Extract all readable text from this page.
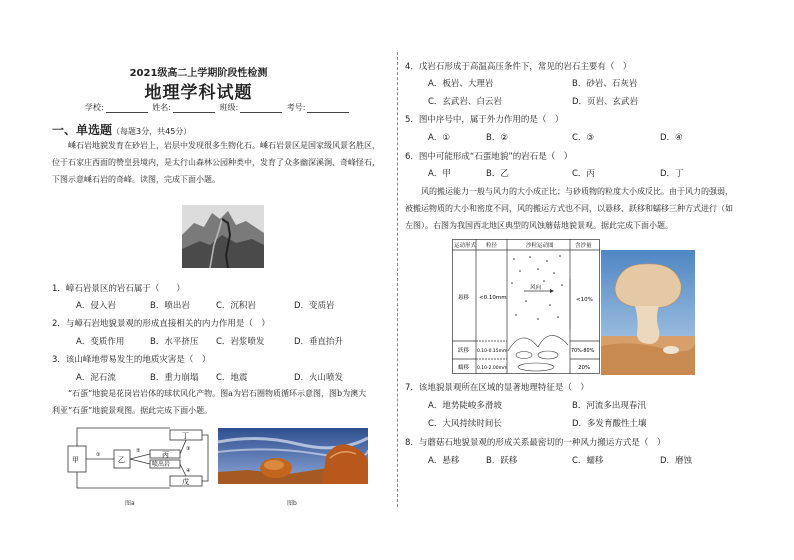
2021级高二上学期阶段性检测
地理学科试题
学校:	姓名:	班级:	考号:
一、单选题（每题3分，共45分）
嵊石岩地貌发育在砂岩上，岩层中发现很多生物化石。嵊石岩景区是国家级风景名胜区，
位于石家庄西面的赞皇县境内，是太行山森林公园种类中，发育了众多幽深溪涧、奇峰怪石，
下图示意嵊石岩的奇峰。读图，完成下面小题。
1．嶂石岩景区的岩石属于（　　）
A．侵入岩	B．喷出岩	C．沉积岩	D．变质岩
2．与嶂石岩地貌景观的形成直接相关的内力作用是（　）
A．变质作用	B．水平挤压 C．岩浆喷发	D．垂直抬升
3．该山峰地带易发生的地质灾害是（　）
A．泥石流	B．重力崩塌 C．地震	D．火山喷发
“石蛋”地貌是花岗岩岩体的球状风化产物。图a为岩石圈物质循环示意图，图b为澳大
利亚“石蛋”地貌景观图。据此完成下面小题。
甲	乙
丁
丙
喷出岩
戊
①
②	③
④
图a	图b
4．戊岩石形成于高温高压条件下，常见的岩石主要有（　）
A．板岩、大理岩	B．砂岩、石灰岩
C．玄武岩、白云岩	D．页岩、玄武岩
5．图中序号中，属于外力作用的是（　）
A．①	B．②	C．③	D．④
6．图中可能形成“石蛋地貌”的岩石是（　）
A．甲	B．乙	C．丙	D．丁
风的搬运能力一般与风力的大小成正比；与砂质物的粒度大小成反比。由于风力的强弱，
被搬运物质的大小和密度不同，风的搬运方式也不同，以悬移、跃移和蠕移三种方式进行（如
左图）。右图为我国西北地区典型的风蚀蘑菇地貌景观。据此完成下面小题。
运动形式 粒径	沙粒运动图	含沙量
悬移 <0.10mm	<10%
跃移 0.10-0.15mm	70%-80%
蠕移 0.10-2.00mm	20%
风向
7．该地貌景观所在区域的显著地理特征是（　）
A．地势陡峻多滑坡	B．河流多出现春汛
C．大风持续时间长	D．多发育酸性土壤
8．与蘑菇石地貌景观的形成关系最密切的一种风力搬运方式是（　）
A．悬移	B．跃移	C．蠕移	D．磨蚀
